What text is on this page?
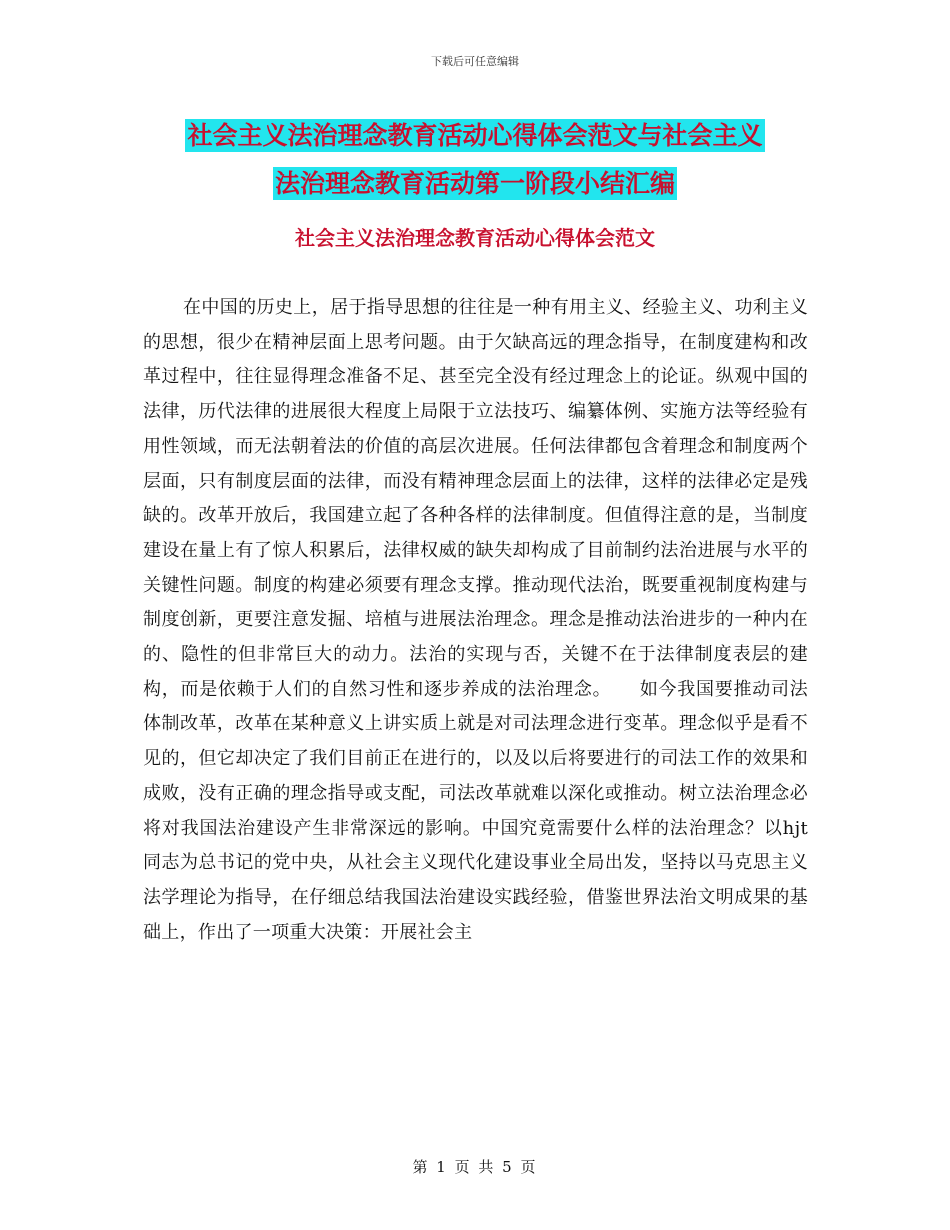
下载后可任意编辑
社会主义法治理念教育活动心得体会范文与社会主义
法治理念教育活动第一阶段小结汇编
社会主义法治理念教育活动心得体会范文

在中国的历史上，居于指导思想的往往是一种有用主义、经验主义、功利主义的思想，很少在精神层面上思考问题。由于欠缺高远的理念指导，在制度建构和改革过程中，往往显得理念准备不足、甚至完全没有经过理念上的论证。纵观中国的法律，历代法律的进展很大程度上局限于立法技巧、编纂体例、实施方法等经验有用性领域，而无法朝着法的价值的高层次进展。任何法律都包含着理念和制度两个层面，只有制度层面的法律，而没有精神理念层面上的法律，这样的法律必定是残缺的。改革开放后，我国建立起了各种各样的法律制度。但值得注意的是，当制度建设在量上有了惊人积累后，法律权威的缺失却构成了目前制约法治进展与水平的关键性问题。制度的构建必须要有理念支撑。推动现代法治，既要重视制度构建与制度创新，更要注意发掘、培植与进展法治理念。理念是推动法治进步的一种内在的、隐性的但非常巨大的动力。法治的实现与否，关键不在于法律制度表层的建构，而是依赖于人们的自然习性和逐步养成的法治理念。　　如今我国要推动司法体制改革，改革在某种意义上讲实质上就是对司法理念进行变革。理念似乎是看不见的，但它却决定了我们目前正在进行的，以及以后将要进行的司法工作的效果和成败，没有正确的理念指导或支配，司法改革就难以深化或推动。树立法治理念必将对我国法治建设产生非常深远的影响。中国究竟需要什么样的法治理念？以hjt同志为总书记的党中央，从社会主义现代化建设事业全局出发，坚持以马克思主义法学理论为指导，在仔细总结我国法治建设实践经验，借鉴世界法治文明成果的基础上，作出了一项重大决策：开展社会主

第 1 页 共 5 页
